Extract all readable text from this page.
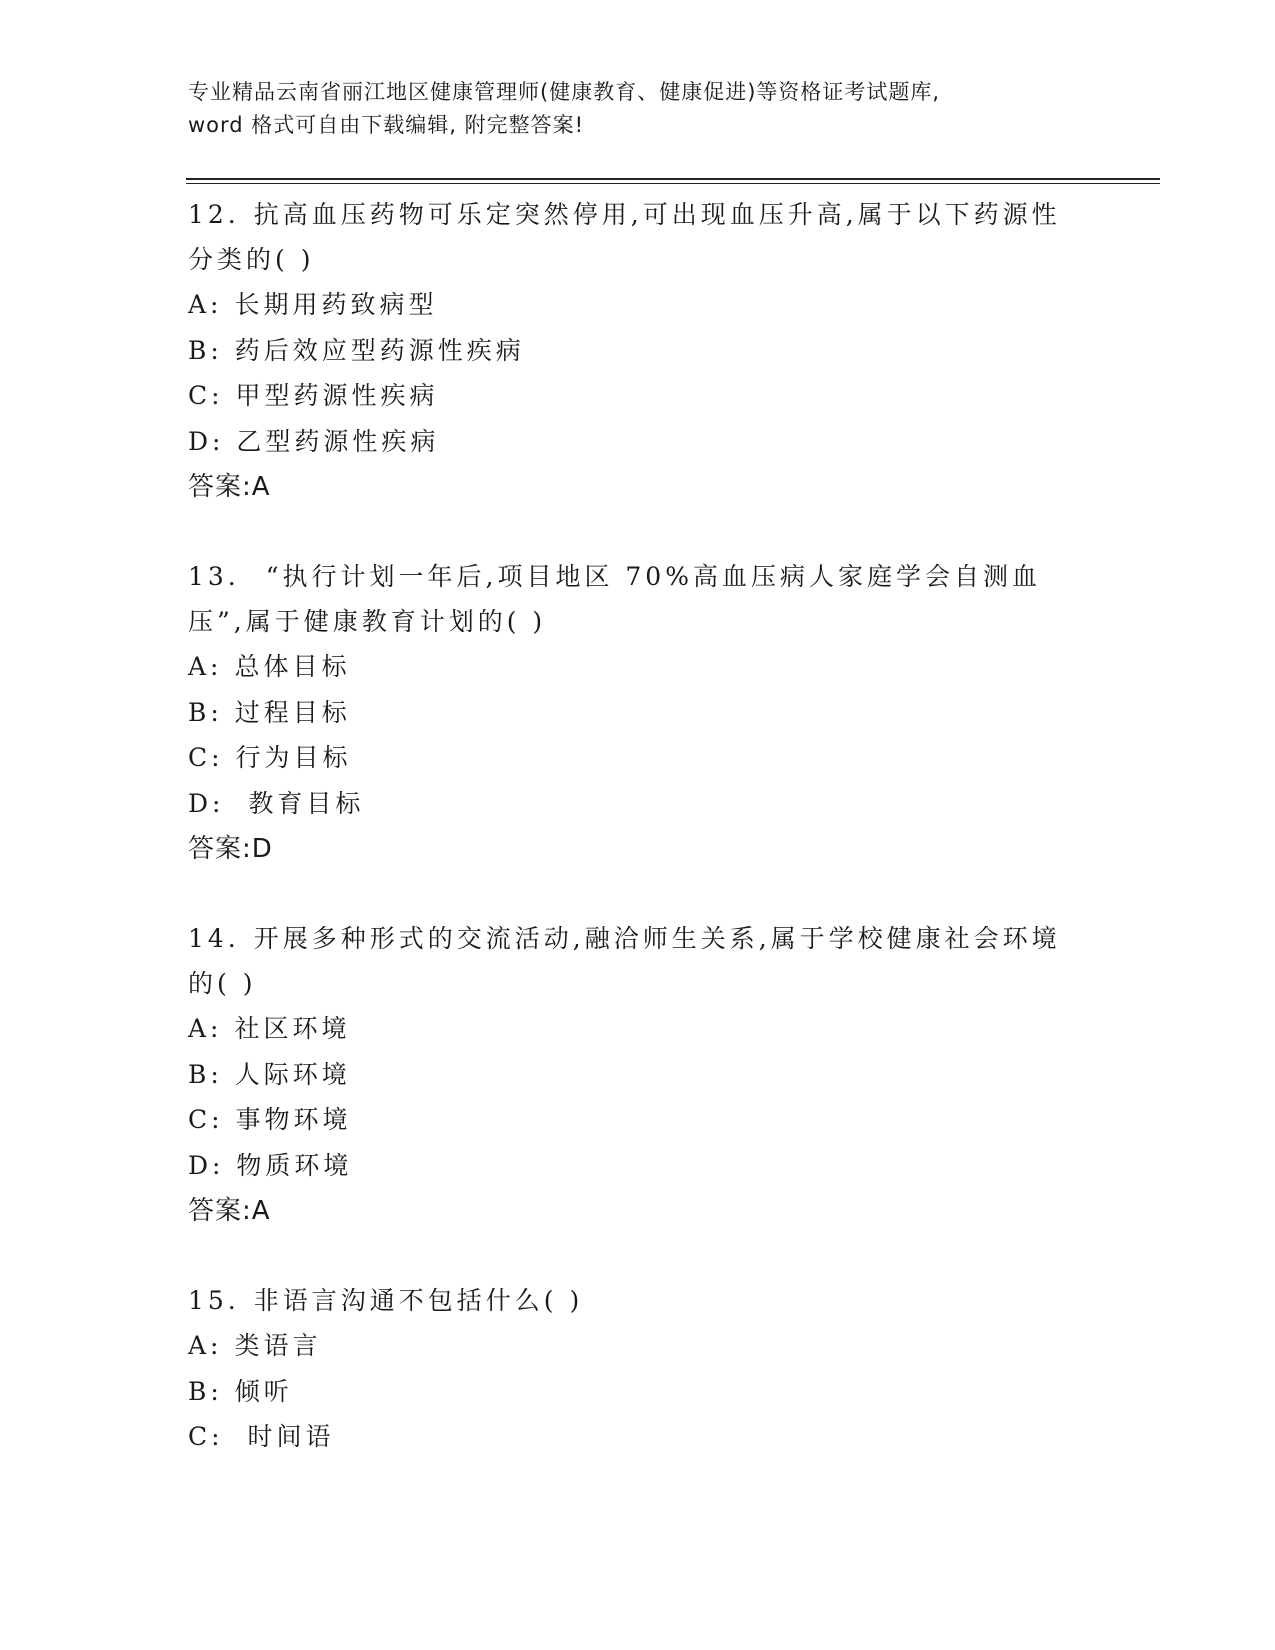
专业精品云南省丽江地区健康管理师(健康教育、健康促进)等资格证考试题库,
word 格式可自由下载编辑, 附完整答案!
12. 抗高血压药物可乐定突然停用,可出现血压升高,属于以下药源性分类的( )
A: 长期用药致病型
B: 药后效应型药源性疾病
C: 甲型药源性疾病
D: 乙型药源性疾病
答案:A
13. “执行计划一年后,项目地区 70%高血压病人家庭学会自测血压”,属于健康教育计划的( )
A: 总体目标
B: 过程目标
C: 行为目标
D:  教育目标
答案:D
14. 开展多种形式的交流活动,融洽师生关系,属于学校健康社会环境的( )
A: 社区环境
B: 人际环境
C: 事物环境
D: 物质环境
答案:A
15. 非语言沟通不包括什么( )
A: 类语言
B: 倾听
C:  时间语
